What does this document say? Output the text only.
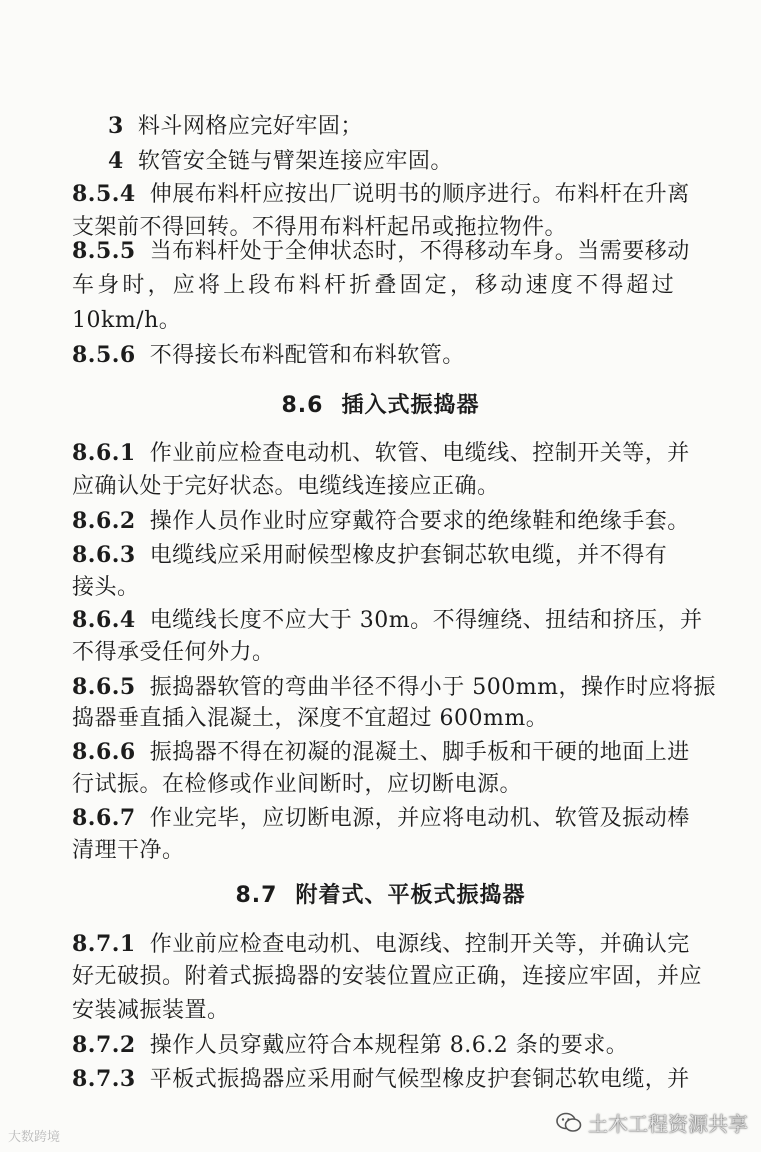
3 料斗网格应完好牢固；
4 软管安全链与臂架连接应牢固。
8.5.4 伸展布料杆应按出厂说明书的顺序进行。布料杆在升离
支架前不得回转。不得用布料杆起吊或拖拉物件。
8.5.5 当布料杆处于全伸状态时，不得移动车身。当需要移动
车身时，应将上段布料杆折叠固定，移动速度不得超过
10km/h。
8.5.6 不得接长布料配管和布料软管。
8.6 插入式振捣器
8.6.1 作业前应检查电动机、软管、电缆线、控制开关等，并
应确认处于完好状态。电缆线连接应正确。
8.6.2 操作人员作业时应穿戴符合要求的绝缘鞋和绝缘手套。
8.6.3 电缆线应采用耐候型橡皮护套铜芯软电缆，并不得有
接头。
8.6.4 电缆线长度不应大于 30m。不得缠绕、扭结和挤压，并
不得承受任何外力。
8.6.5 振捣器软管的弯曲半径不得小于 500mm，操作时应将振
捣器垂直插入混凝土，深度不宜超过 600mm。
8.6.6 振捣器不得在初凝的混凝土、脚手板和干硬的地面上进
行试振。在检修或作业间断时，应切断电源。
8.6.7 作业完毕，应切断电源，并应将电动机、软管及振动棒
清理干净。
8.7 附着式、平板式振捣器
8.7.1 作业前应检查电动机、电源线、控制开关等，并确认完
好无破损。附着式振捣器的安装位置应正确，连接应牢固，并应
安装减振装置。
8.7.2 操作人员穿戴应符合本规程第 8.6.2 条的要求。
8.7.3 平板式振捣器应采用耐气候型橡皮护套铜芯软电缆，并
土木工程资源共享
大数跨境
